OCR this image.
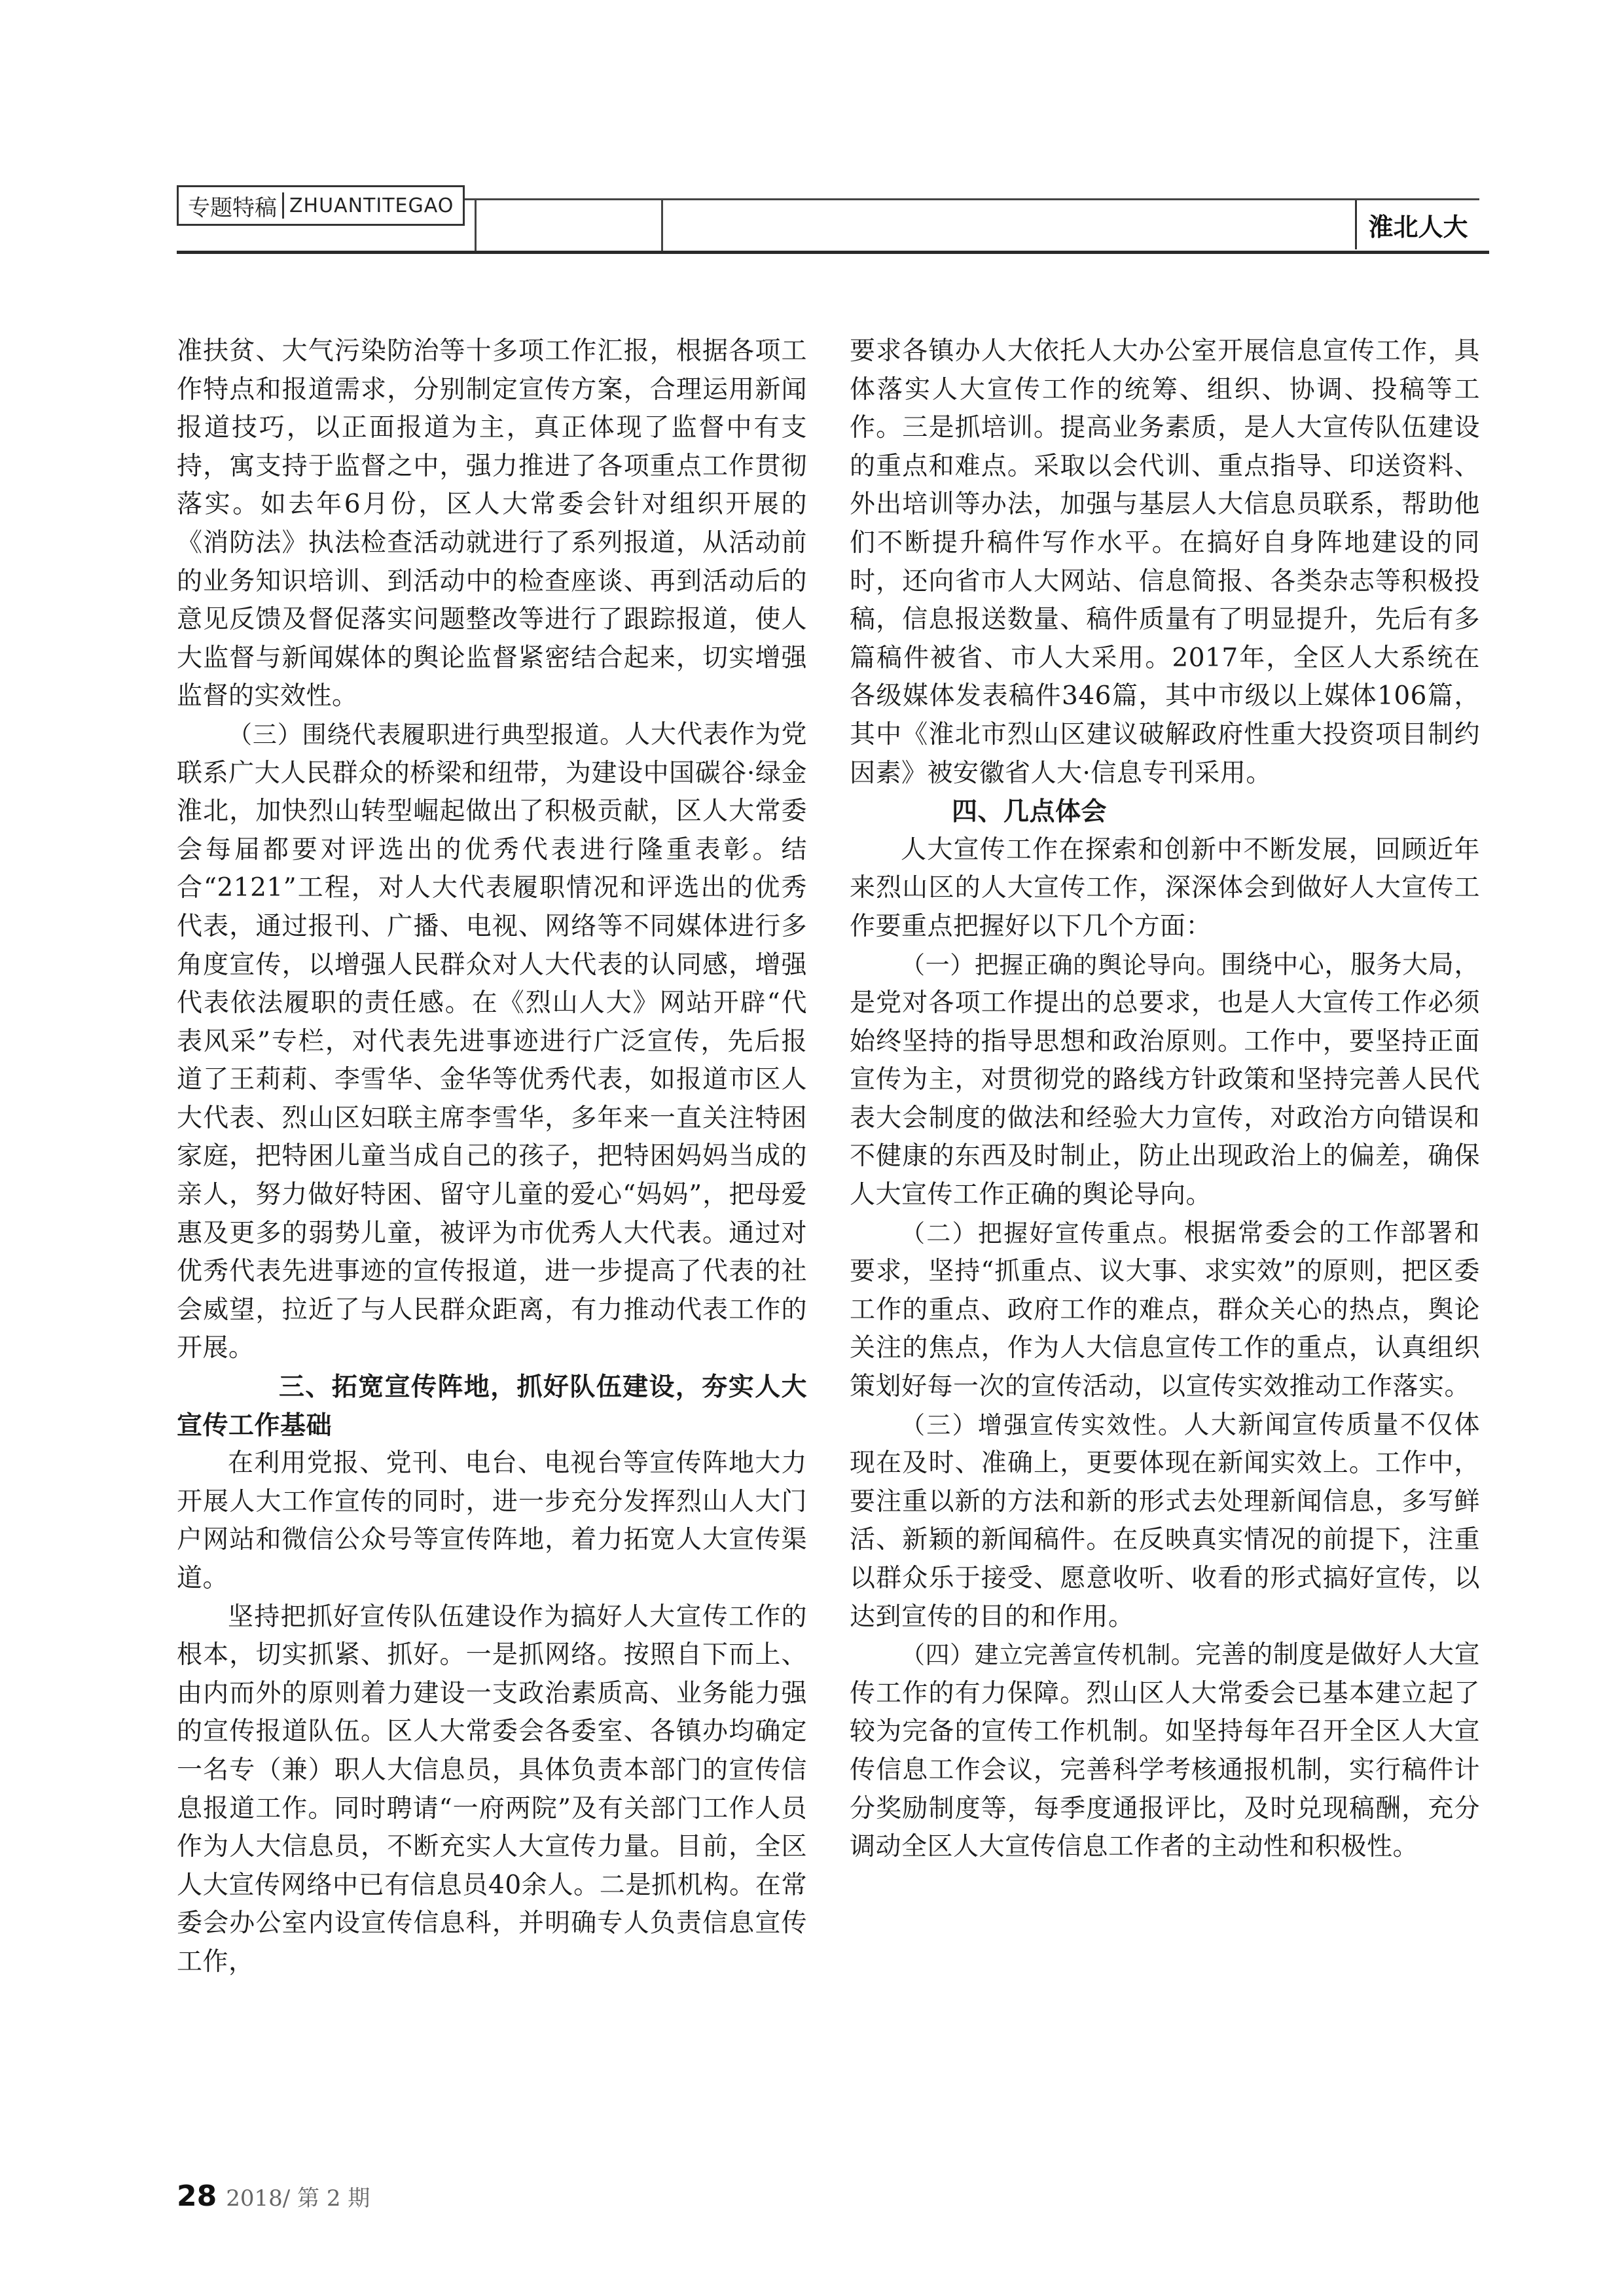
专题特稿 ZHUANTITEGAO
淮北人大

准扶贫、大气污染防治等十多项工作汇报，根据各项工作特点和报道需求，分别制定宣传方案，合理运用新闻报道技巧，以正面报道为主，真正体现了监督中有支持，寓支持于监督之中，强力推进了各项重点工作贯彻落实。如去年6月份，区人大常委会针对组织开展的《消防法》执法检查活动就进行了系列报道，从活动前的业务知识培训、到活动中的检查座谈、再到活动后的意见反馈及督促落实问题整改等进行了跟踪报道，使人大监督与新闻媒体的舆论监督紧密结合起来，切实增强监督的实效性。

（三）围绕代表履职进行典型报道。人大代表作为党联系广大人民群众的桥梁和纽带，为建设中国碳谷·绿金淮北，加快烈山转型崛起做出了积极贡献，区人大常委会每届都要对评选出的优秀代表进行隆重表彰。结合“2121”工程，对人大代表履职情况和评选出的优秀代表，通过报刊、广播、电视、网络等不同媒体进行多角度宣传，以增强人民群众对人大代表的认同感，增强代表依法履职的责任感。在《烈山人大》网站开辟“代表风采”专栏，对代表先进事迹进行广泛宣传，先后报道了王莉莉、李雪华、金华等优秀代表，如报道市区人大代表、烈山区妇联主席李雪华，多年来一直关注特困家庭，把特困儿童当成自己的孩子，把特困妈妈当成的亲人，努力做好特困、留守儿童的爱心“妈妈”，把母爱惠及更多的弱势儿童，被评为市优秀人大代表。通过对优秀代表先进事迹的宣传报道，进一步提高了代表的社会威望，拉近了与人民群众距离，有力推动代表工作的开展。

三、拓宽宣传阵地，抓好队伍建设，夯实人大宣传工作基础

在利用党报、党刊、电台、电视台等宣传阵地大力开展人大工作宣传的同时，进一步充分发挥烈山人大门户网站和微信公众号等宣传阵地，着力拓宽人大宣传渠道。

坚持把抓好宣传队伍建设作为搞好人大宣传工作的根本，切实抓紧、抓好。一是抓网络。按照自下而上、由内而外的原则着力建设一支政治素质高、业务能力强的宣传报道队伍。区人大常委会各委室、各镇办均确定一名专（兼）职人大信息员，具体负责本部门的宣传信息报道工作。同时聘请“一府两院”及有关部门工作人员作为人大信息员，不断充实人大宣传力量。目前，全区人大宣传网络中已有信息员40余人。二是抓机构。在常委会办公室内设宣传信息科，并明确专人负责信息宣传工作，

要求各镇办人大依托人大办公室开展信息宣传工作，具体落实人大宣传工作的统筹、组织、协调、投稿等工作。三是抓培训。提高业务素质，是人大宣传队伍建设的重点和难点。采取以会代训、重点指导、印送资料、外出培训等办法，加强与基层人大信息员联系，帮助他们不断提升稿件写作水平。在搞好自身阵地建设的同时，还向省市人大网站、信息简报、各类杂志等积极投稿，信息报送数量、稿件质量有了明显提升，先后有多篇稿件被省、市人大采用。2017年，全区人大系统在各级媒体发表稿件346篇，其中市级以上媒体106篇，其中《淮北市烈山区建议破解政府性重大投资项目制约因素》被安徽省人大·信息专刊采用。

四、几点体会

人大宣传工作在探索和创新中不断发展，回顾近年来烈山区的人大宣传工作，深深体会到做好人大宣传工作要重点把握好以下几个方面：

（一）把握正确的舆论导向。围绕中心，服务大局，是党对各项工作提出的总要求，也是人大宣传工作必须始终坚持的指导思想和政治原则。工作中，要坚持正面宣传为主，对贯彻党的路线方针政策和坚持完善人民代表大会制度的做法和经验大力宣传，对政治方向错误和不健康的东西及时制止，防止出现政治上的偏差，确保人大宣传工作正确的舆论导向。

（二）把握好宣传重点。根据常委会的工作部署和要求，坚持“抓重点、议大事、求实效”的原则，把区委工作的重点、政府工作的难点，群众关心的热点，舆论关注的焦点，作为人大信息宣传工作的重点，认真组织策划好每一次的宣传活动，以宣传实效推动工作落实。

（三）增强宣传实效性。人大新闻宣传质量不仅体现在及时、准确上，更要体现在新闻实效上。工作中，要注重以新的方法和新的形式去处理新闻信息，多写鲜活、新颖的新闻稿件。在反映真实情况的前提下，注重以群众乐于接受、愿意收听、收看的形式搞好宣传，以达到宣传的目的和作用。

（四）建立完善宣传机制。完善的制度是做好人大宣传工作的有力保障。烈山区人大常委会已基本建立起了较为完备的宣传工作机制。如坚持每年召开全区人大宣传信息工作会议，完善科学考核通报机制，实行稿件计分奖励制度等，每季度通报评比，及时兑现稿酬，充分调动全区人大宣传信息工作者的主动性和积极性。

28 2018/ 第 2 期
